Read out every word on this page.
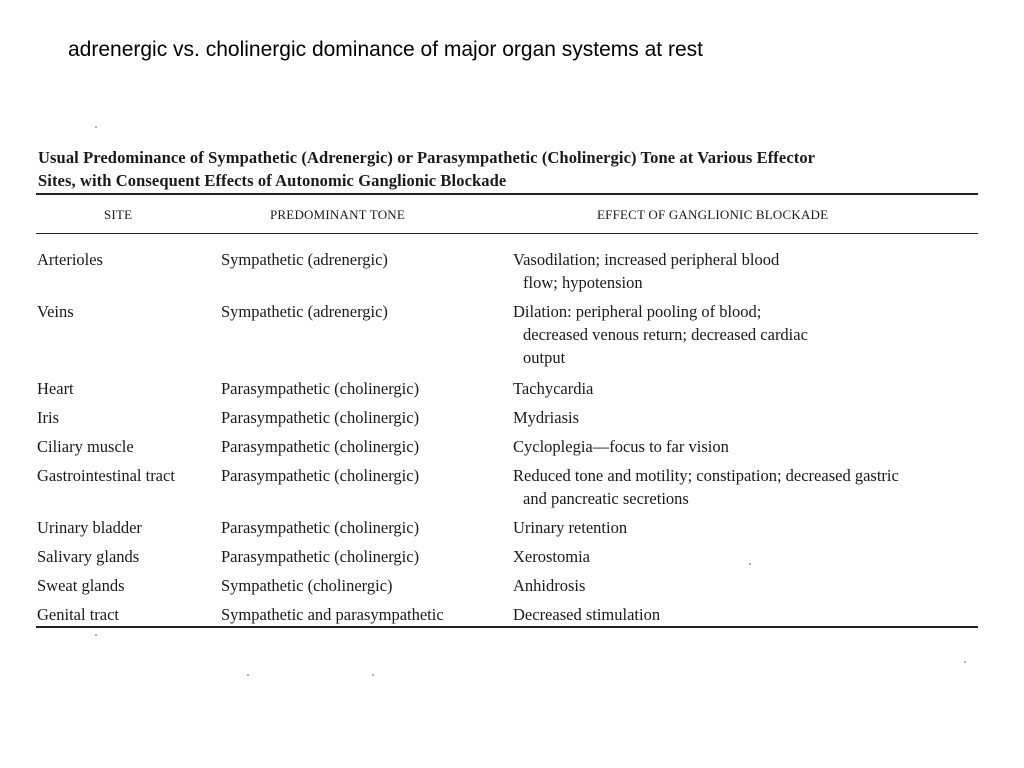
adrenergic vs. cholinergic dominance of major organ systems at rest
Usual Predominance of Sympathetic (Adrenergic) or Parasympathetic (Cholinergic) Tone at Various Effector
Sites, with Consequent Effects of Autonomic Ganglionic Blockade
SITE	PREDOMINANT TONE	EFFECT OF GANGLIONIC BLOCKADE
Arterioles	Sympathetic (adrenergic)	Vasodilation; increased peripheral blood
flow; hypotension
Veins	Sympathetic (adrenergic)	Dilation: peripheral pooling of blood;
decreased venous return; decreased cardiac
output
Heart	Parasympathetic (cholinergic)	Tachycardia
Iris	Parasympathetic (cholinergic)	Mydriasis
Ciliary muscle	Parasympathetic (cholinergic)	Cycloplegia—focus to far vision
Gastrointestinal tract	Parasympathetic (cholinergic)	Reduced tone and motility; constipation; decreased gastric
and pancreatic secretions
Urinary bladder	Parasympathetic (cholinergic)	Urinary retention
Salivary glands	Parasympathetic (cholinergic)	Xerostomia
Sweat glands	Sympathetic (cholinergic)	Anhidrosis
Genital tract	Sympathetic and parasympathetic	Decreased stimulation
